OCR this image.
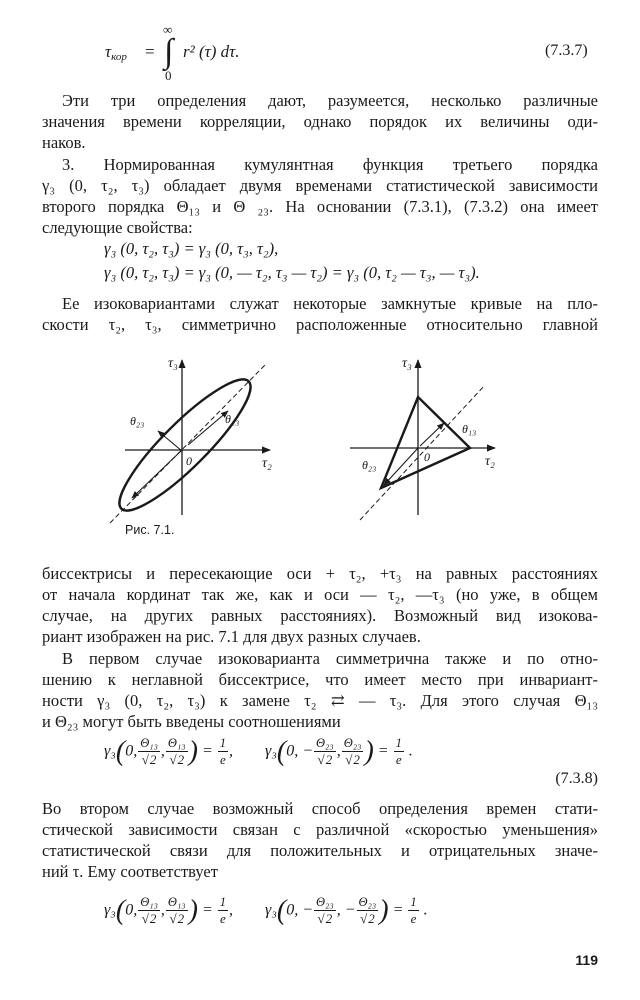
$\tau_{кор}$ =
∞
∫
0
r² (τ) dτ.	(7.3.7)
Эти три определения дают, разумеется, несколько различные
значения времени корреляции, однако порядок их величины оди-
наков.
3. Нормированная кумулянтная функция третьего порядка
γ₃ (0, τ₂, τ₃) обладает двумя временами статистической зависимости
второго порядка Θ₁₃ и Θ ₂₃. На основании (7.3.1), (7.3.2) она имеет
следующие свойства:
γ₃ (0, τ₂, τ₃) = γ₃ (0, τ₃, τ₂),
γ₃ (0, τ₂, τ₃) = γ₃ (0, — τ₂, τ₃ — τ₂) = γ₃ (0, τ₂ — τ₃, — τ₃).
Ее изоковариантами служат некоторые замкнутые кривые на пло-
скости τ₂, τ₃, симметрично расположенные относительно главной
τ₃
τ₂
0
θ₁₃
θ₂₃
τ₃
τ₂
0
θ₁₃
θ₂₃
Рис. 7.1.
биссектрисы и пересекающие оси + τ₂, +τ₃ на равных расстояниях
от начала кординат так же, как и оси — τ₂, —τ₃ (но уже, в общем
случае, на других равных расстояниях). Возможный вид изокова-
риант изображен на рис. 7.1 для двух разных случаев.
В первом случае изоковарианта симметрична также и по отно-
шению к неглавной биссектрисе, что имеет место при инвариант-
ности γ₃ (0, τ₂, τ₃) к замене τ₂ ⇄ — τ₃. Для этого случая Θ₁₃
и Θ₂₃ могут быть введены соотношениями
γ₃(0, $\frac{\text{Θ₁₃}}{√2}$ , $\frac{\text{Θ₁₃}}{√2}$ ) = $\frac{1}{e}$ ,  γ₃(0, − $\frac{\text{Θ₂₃}}{√2}$ , $\frac{\text{Θ₂₃}}{√2}$ ) = $\frac{1}{e}$ .
(7.3.8)
Во втором случае возможный способ определения времен стати-
стической зависимости связан с различной «скоростью уменьшения»
статистической связи для положительных и отрицательных значе-
ний τ. Ему соответствует
γ₃(0, $\frac{\text{Θ₁₃}}{√2}$ , $\frac{\text{Θ₁₃}}{√2}$ ) = $\frac{1}{e}$ ,  γ₃(0, − $\frac{\text{Θ₂₃}}{√2}$ , − $\frac{\text{Θ₂₃}}{√2}$ ) = $\frac{1}{e}$ .
119
